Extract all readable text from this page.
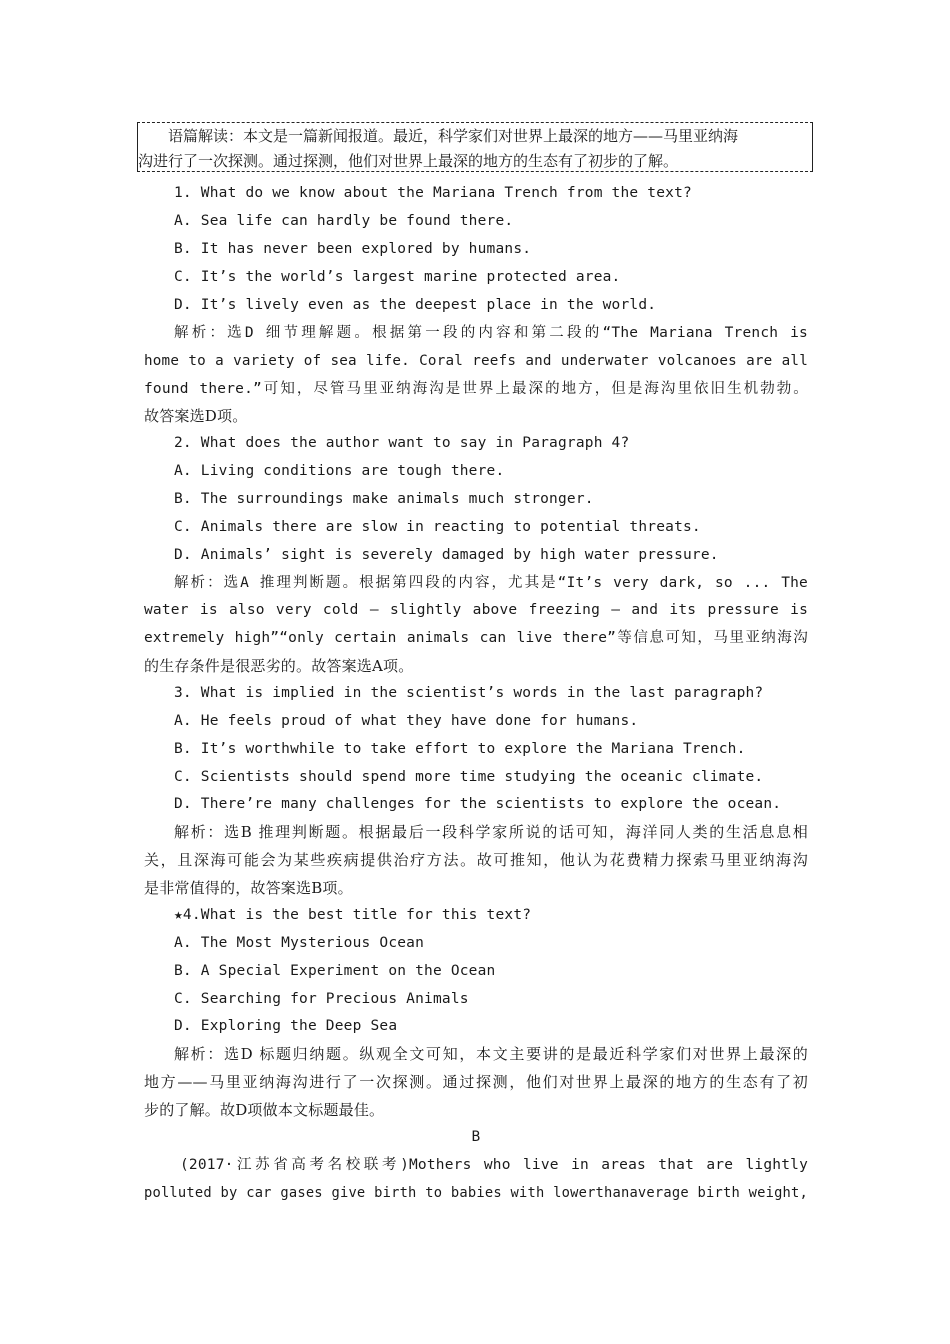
语篇解读：本文是一篇新闻报道。最近，科学家们对世界上最深的地方——马里亚纳海
沟进行了一次探测。通过探测，他们对世界上最深的地方的生态有了初步的了解。
1. What do we know about the Mariana Trench from the text?
A. Sea life can hardly be found there.
B. It has never been explored by humans.
C. It’s the world’s largest marine protected area.
D. It’s lively even as the deepest place in the world.
解析：选D 细节理解题。根据第一段的内容和第二段的“The Mariana Trench is
home to a variety of sea life. Coral reefs and underwater volcanoes are all
found there.”可知，尽管马里亚纳海沟是世界上最深的地方，但是海沟里依旧生机勃勃。
故答案选D项。
2. What does the author want to say in Paragraph 4?
A. Living conditions are tough there.
B. The surroundings make animals much stronger.
C. Animals there are slow in reacting to potential threats.
D. Animals’ sight is severely damaged by high water pressure.
解析：选A 推理判断题。根据第四段的内容，尤其是“It’s very dark, so ... The
water is also very cold — slightly above freezing — and its pressure is
extremely high”“only certain animals can live there”等信息可知，马里亚纳海沟
的生存条件是很恶劣的。故答案选A项。
3. What is implied in the scientist’s words in the last paragraph?
A. He feels proud of what they have done for humans.
B. It’s worthwhile to take effort to explore the Mariana Trench.
C. Scientists should spend more time studying the oceanic climate.
D. There’re many challenges for the scientists to explore the ocean.
解析：选B 推理判断题。根据最后一段科学家所说的话可知，海洋同人类的生活息息相
关，且深海可能会为某些疾病提供治疗方法。故可推知，他认为花费精力探索马里亚纳海沟
是非常值得的，故答案选B项。
★4.What is the best title for this text?
A. The Most Mysterious Ocean
B. A Special Experiment on the Ocean
C. Searching for Precious Animals
D. Exploring the Deep Sea
解析：选D 标题归纳题。纵观全文可知，本文主要讲的是最近科学家们对世界上最深的
地方——马里亚纳海沟进行了一次探测。通过探测，他们对世界上最深的地方的生态有了初
步的了解。故D项做本文标题最佳。
B
(2017·江苏省高考名校联考)Mothers who live in areas that are lightly
polluted by car gases give birth to babies with lowerthanaverage birth weight,
